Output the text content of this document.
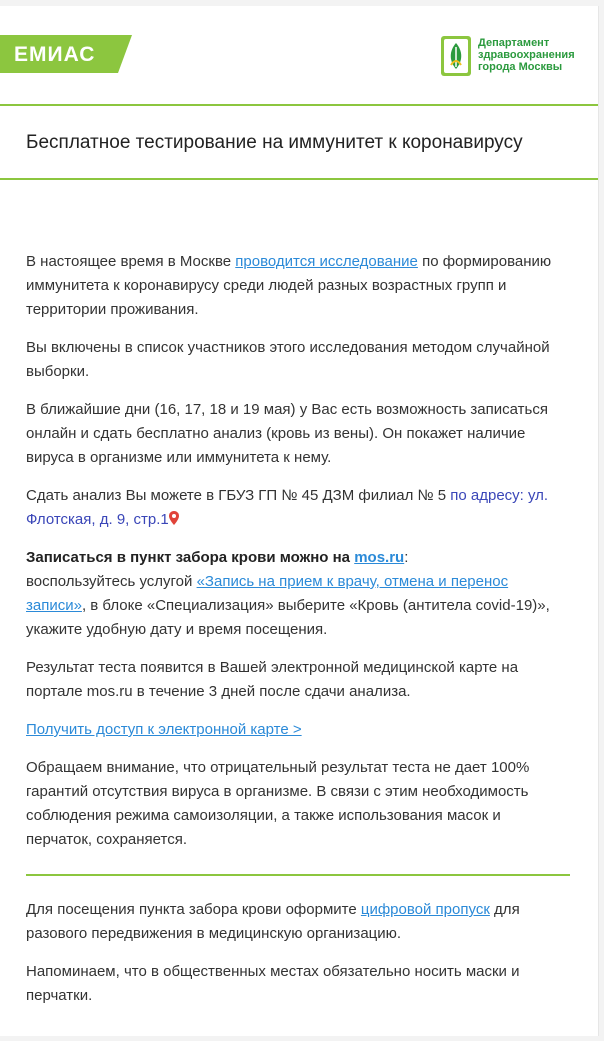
ЕМИАС	Департамент
здравоохранения
города Москвы
Бесплатное тестирование на иммунитет к коронавирусу

В настоящее время в Москве проводится исследование по формированию иммунитета к коронавирусу среди людей разных возрастных групп и территории проживания.

Вы включены в список участников этого исследования методом случайной выборки.

В ближайшие дни (16, 17, 18 и 19 мая) у Вас есть возможность записаться онлайн и сдать бесплатно анализ (кровь из вены). Он покажет наличие вируса в организме или иммунитета к нему.

Сдать анализ Вы можете в ГБУЗ ГП № 45 ДЗМ филиал № 5 по адресу: ул. Флотская, д. 9, стр.1

Записаться в пункт забора крови можно на mos.ru:
воспользуйтесь услугой «Запись на прием к врачу, отмена и перенос записи», в блоке «Специализация» выберите «Кровь (антитела covid-19)», укажите удобную дату и время посещения.

Результат теста появится в Вашей электронной медицинской карте на портале mos.ru в течение 3 дней после сдачи анализа.

Получить доступ к электронной карте >

Обращаем внимание, что отрицательный результат теста не дает 100% гарантий отсутствия вируса в организме. В связи с этим необходимость соблюдения режима самоизоляции, а также использования масок и перчаток, сохраняется.

Для посещения пункта забора крови оформите цифровой пропуск для разового передвижения в медицинскую организацию.

Напоминаем, что в общественных местах обязательно носить маски и перчатки.
